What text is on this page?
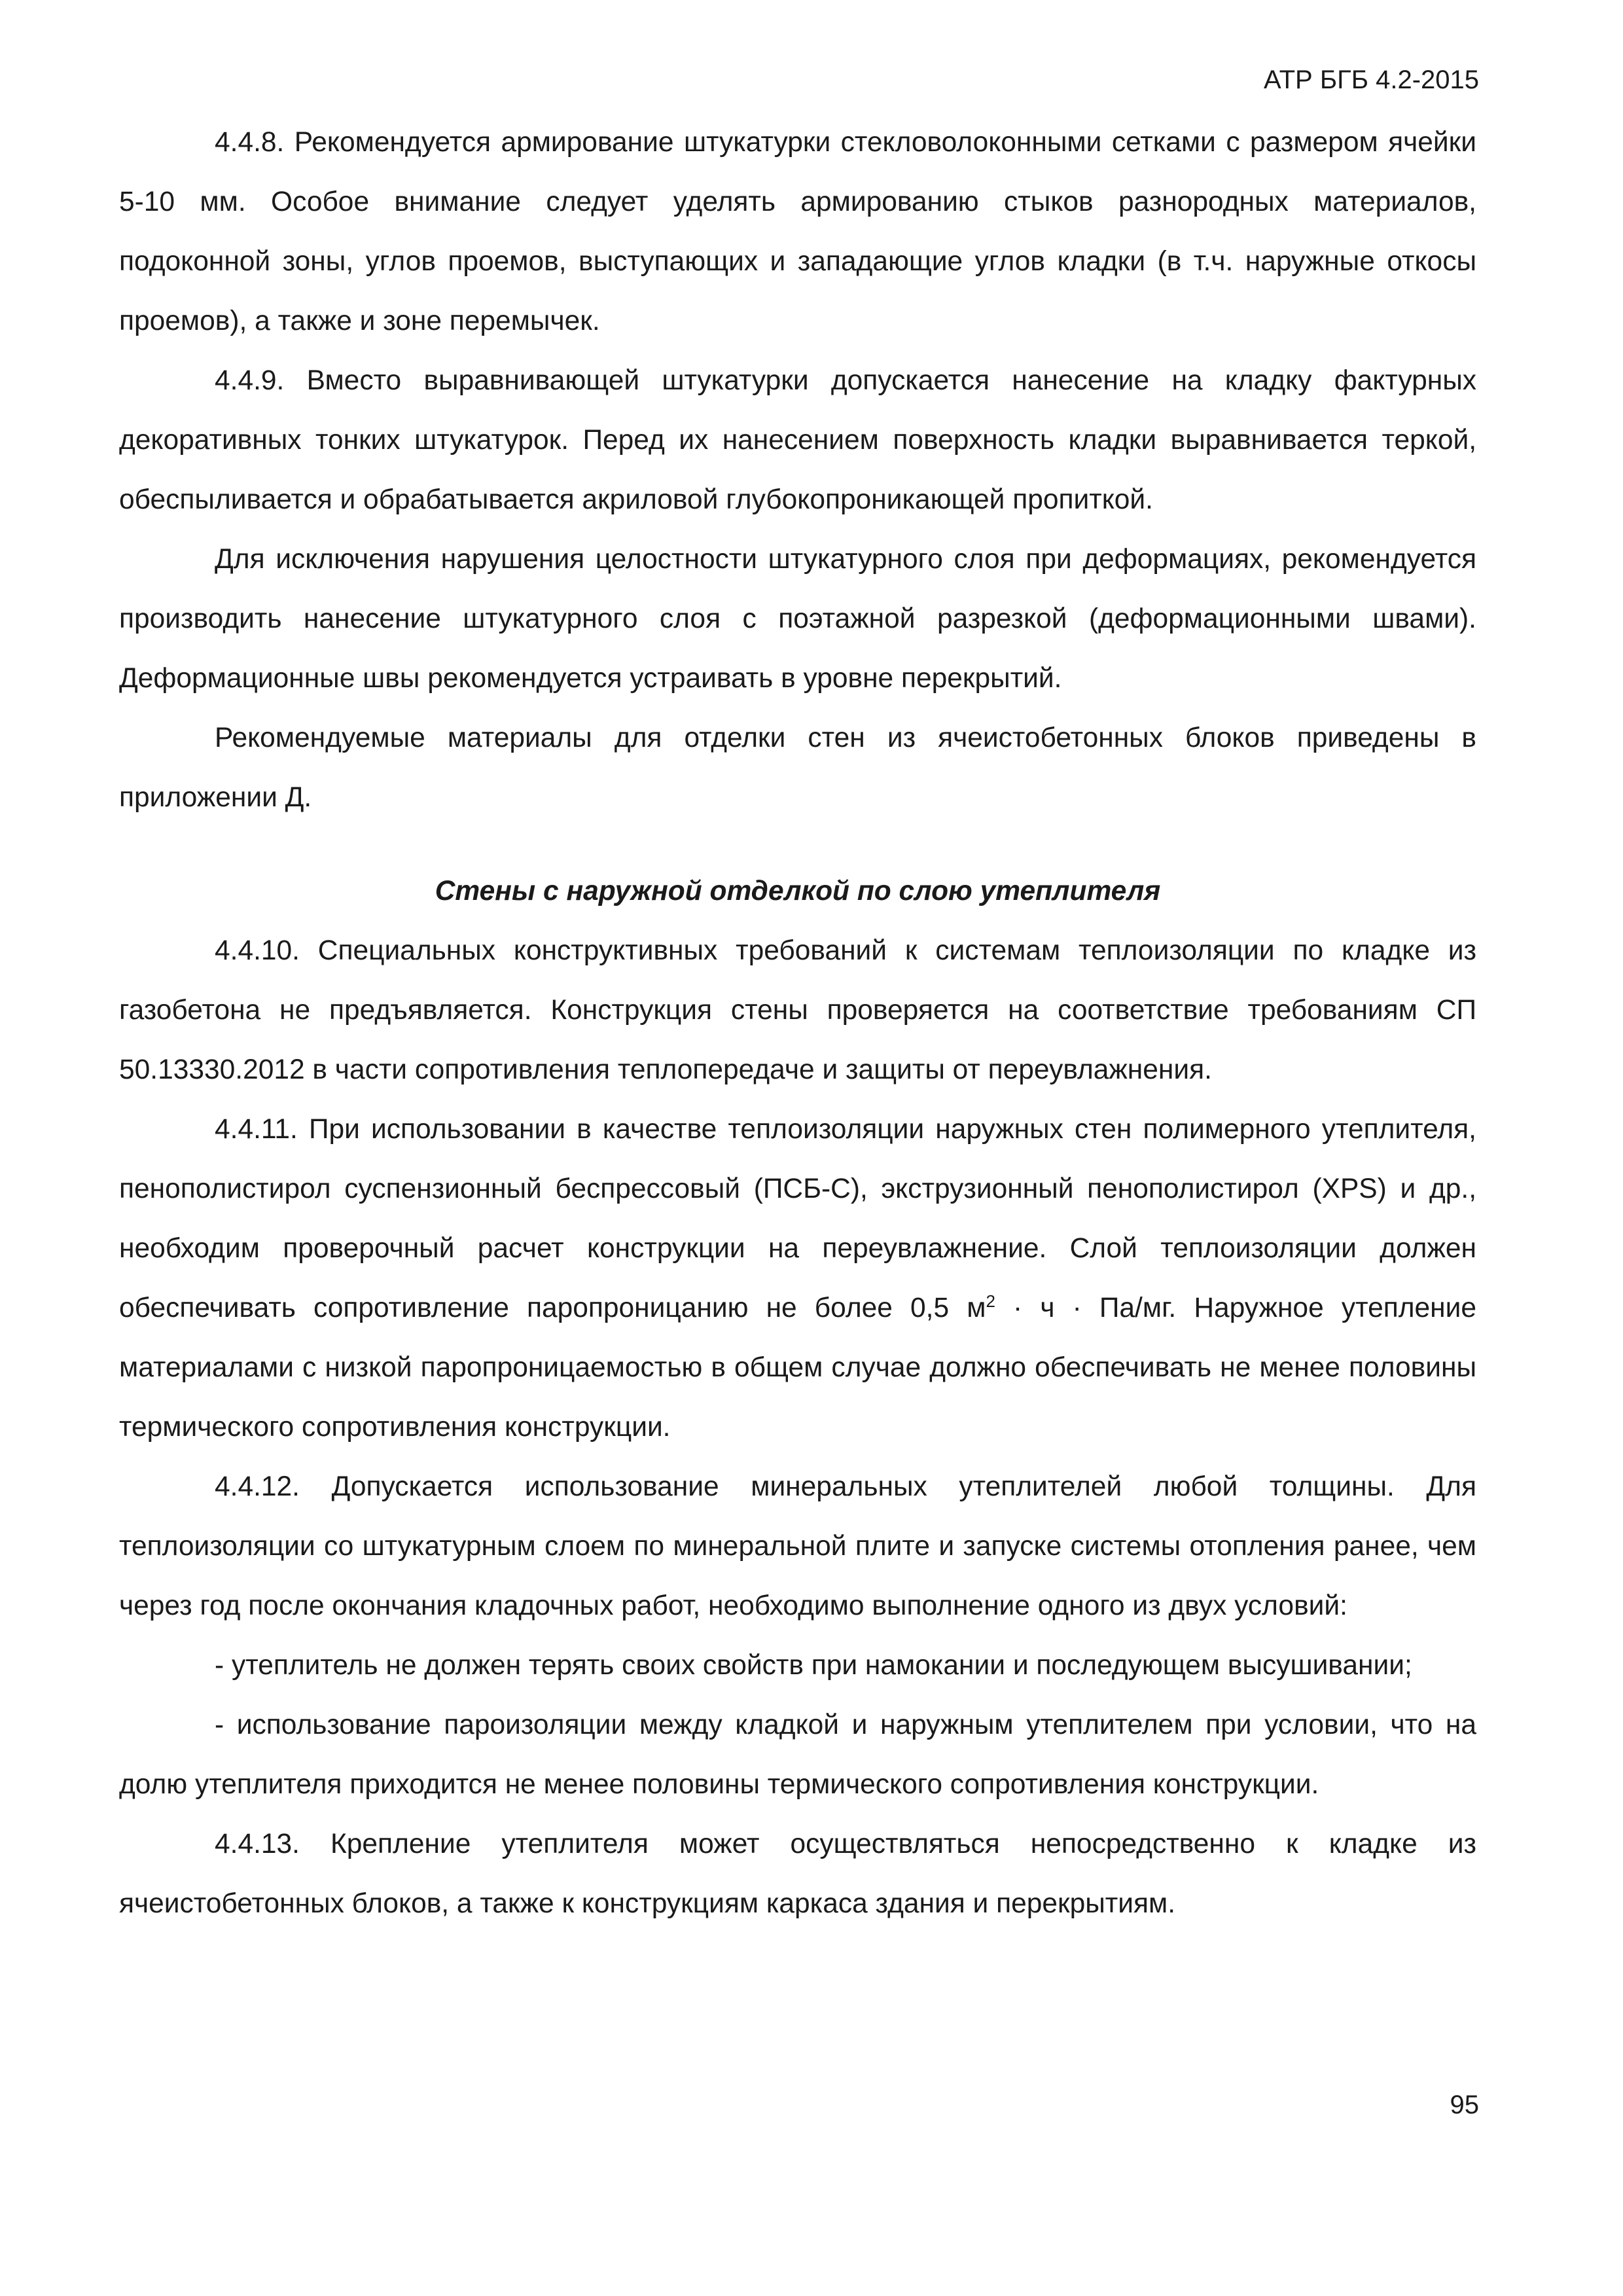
АТР БГБ 4.2-2015

4.4.8. Рекомендуется армирование штукатурки стекловолоконными сетками с размером ячейки 5-10 мм. Особое внимание следует уделять армированию стыков разнородных материалов, подоконной зоны, углов проемов, выступающих и западающие углов кладки (в т.ч. наружные откосы проемов), а также и зоне перемычек.

4.4.9. Вместо выравнивающей штукатурки допускается нанесение на кладку фактурных декоративных тонких штукатурок. Перед их нанесением поверхность кладки выравнивается теркой, обеспыливается и обрабатывается акриловой глубокопроникающей пропиткой.

Для исключения нарушения целостности штукатурного слоя при деформациях, рекомендуется производить нанесение штукатурного слоя с поэтажной разрезкой (деформационными швами). Деформационные швы рекомендуется устраивать в уровне перекрытий.

Рекомендуемые материалы для отделки стен из ячеистобетонных блоков приведены в приложении Д.

Стены с наружной отделкой по слою утеплителя

4.4.10. Специальных конструктивных требований к системам теплоизоляции по кладке из газобетона не предъявляется. Конструкция стены проверяется на соответствие требованиям СП 50.13330.2012 в части сопротивления теплопередаче и защиты от переувлажнения.

4.4.11. При использовании в качестве теплоизоляции наружных стен полимерного утеплителя, пенополистирол суспензионный беспрессовый (ПСБ-С), экструзионный пенополистирол (XPS) и др., необходим проверочный расчет конструкции на переувлажнение. Слой теплоизоляции должен обеспечивать сопротивление паропроницанию не более 0,5 $м^2 \cdot ч \cdot Па/мг$. Наружное утепление материалами с низкой паропроницаемостью в общем случае должно обеспечивать не менее половины термического сопротивления конструкции.

4.4.12. Допускается использование минеральных утеплителей любой толщины. Для теплоизоляции со штукатурным слоем по минеральной плите и запуске системы отопления ранее, чем через год после окончания кладочных работ, необходимо выполнение одного из двух условий:

- утеплитель не должен терять своих свойств при намокании и последующем высушивании;

- использование пароизоляции между кладкой и наружным утеплителем при условии, что на долю утеплителя приходится не менее половины термического сопротивления конструкции.

4.4.13. Крепление утеплителя может осуществляться непосредственно к кладке из ячеистобетонных блоков, а также к конструкциям каркаса здания и перекрытиям.

95
